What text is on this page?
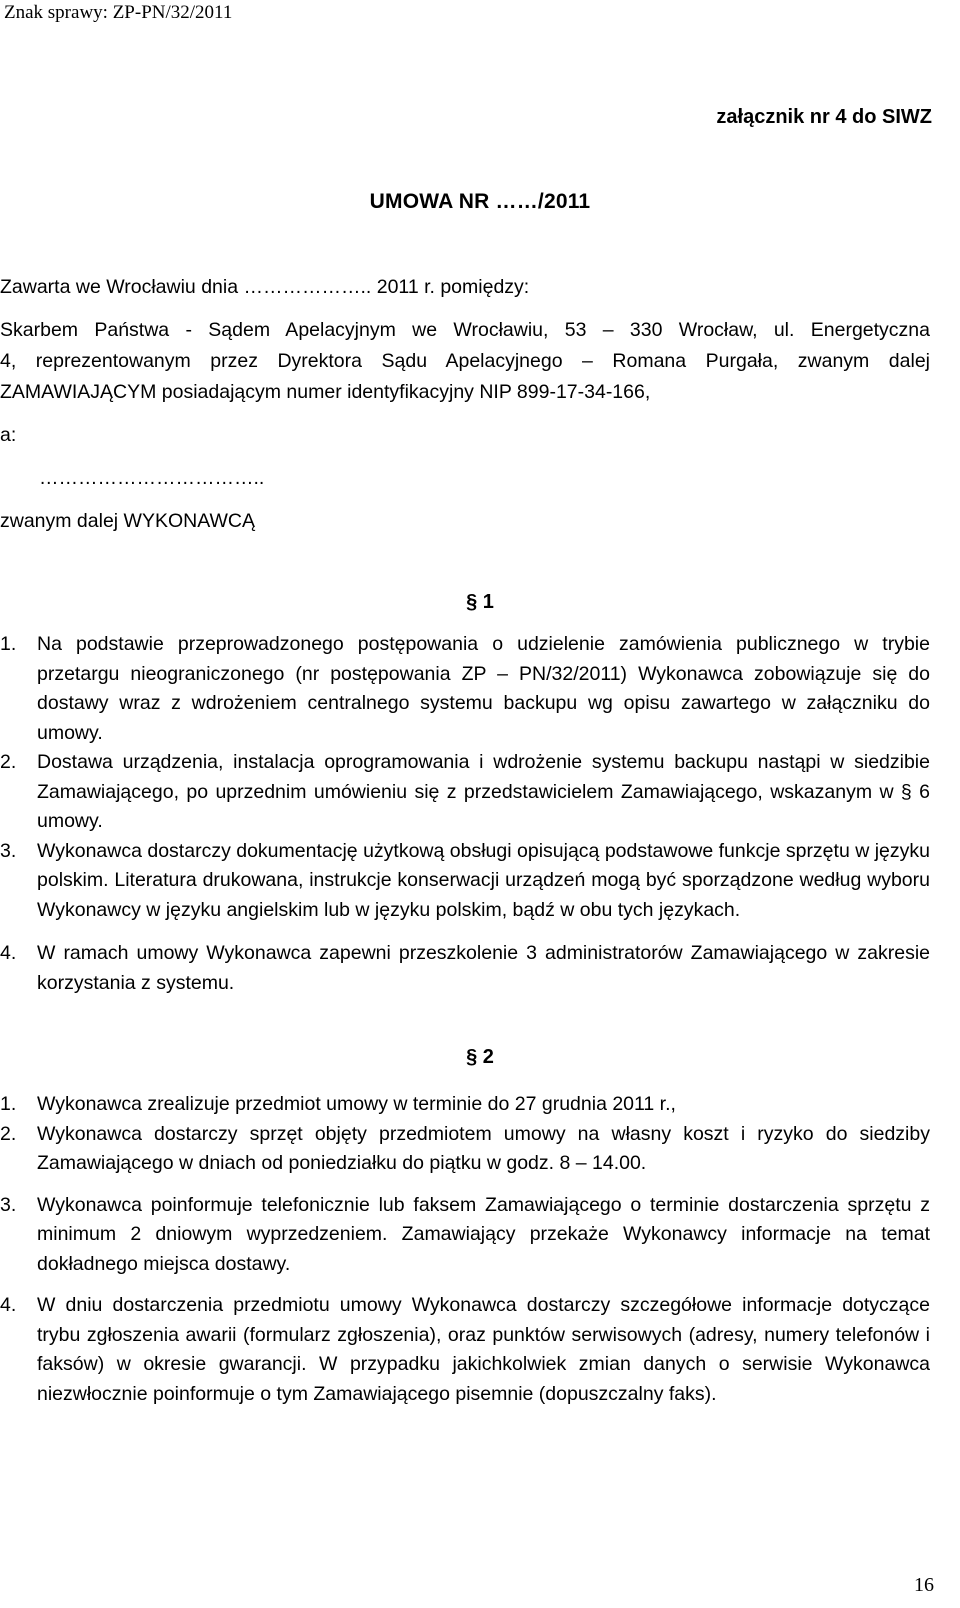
Znak sprawy: ZP-PN/32/2011
załącznik nr 4 do SIWZ
UMOWA NR ……/2011
Zawarta we Wrocławiu dnia ……………….. 2011 r. pomiędzy:
Skarbem Państwa - Sądem Apelacyjnym we Wrocławiu, 53 – 330 Wrocław, ul. Energetyczna
4, reprezentowanym przez Dyrektora Sądu Apelacyjnego – Romana Purgała, zwanym dalej
ZAMAWIAJĄCYM posiadającym numer identyfikacyjny NIP 899-17-34-166,
a:
……………………………..
zwanym dalej WYKONAWCĄ
§ 1
1. Na podstawie przeprowadzonego postępowania o udzielenie zamówienia publicznego w trybie przetargu nieograniczonego (nr postępowania ZP – PN/32/2011) Wykonawca zobowiązuje się do dostawy wraz z wdrożeniem centralnego systemu backupu wg opisu zawartego w załączniku do umowy.
2. Dostawa urządzenia, instalacja oprogramowania i wdrożenie systemu backupu nastąpi w siedzibie Zamawiającego, po uprzednim umówieniu się z przedstawicielem Zamawiającego, wskazanym w § 6 umowy.
3. Wykonawca dostarczy dokumentację użytkową obsługi opisującą podstawowe funkcje sprzętu w języku polskim. Literatura drukowana, instrukcje konserwacji urządzeń mogą być sporządzone według wyboru Wykonawcy w języku angielskim lub w języku polskim, bądź w obu tych językach.
4. W ramach umowy Wykonawca zapewni przeszkolenie 3 administratorów Zamawiającego w zakresie korzystania z systemu.
§ 2
1. Wykonawca zrealizuje przedmiot umowy w terminie do 27 grudnia 2011 r.,
2. Wykonawca dostarczy sprzęt objęty przedmiotem umowy na własny koszt i ryzyko do siedziby Zamawiającego w dniach od poniedziałku do piątku w godz. 8 – 14.00.
3. Wykonawca poinformuje telefonicznie lub faksem Zamawiającego o terminie dostarczenia sprzętu z minimum 2 dniowym wyprzedzeniem. Zamawiający przekaże Wykonawcy informacje na temat dokładnego miejsca dostawy.
4. W dniu dostarczenia przedmiotu umowy Wykonawca dostarczy szczegółowe informacje dotyczące trybu zgłoszenia awarii (formularz zgłoszenia), oraz punktów serwisowych (adresy, numery telefonów i faksów) w okresie gwarancji. W przypadku jakichkolwiek zmian danych o serwisie Wykonawca niezwłocznie poinformuje o tym Zamawiającego pisemnie (dopuszczalny faks).
16
